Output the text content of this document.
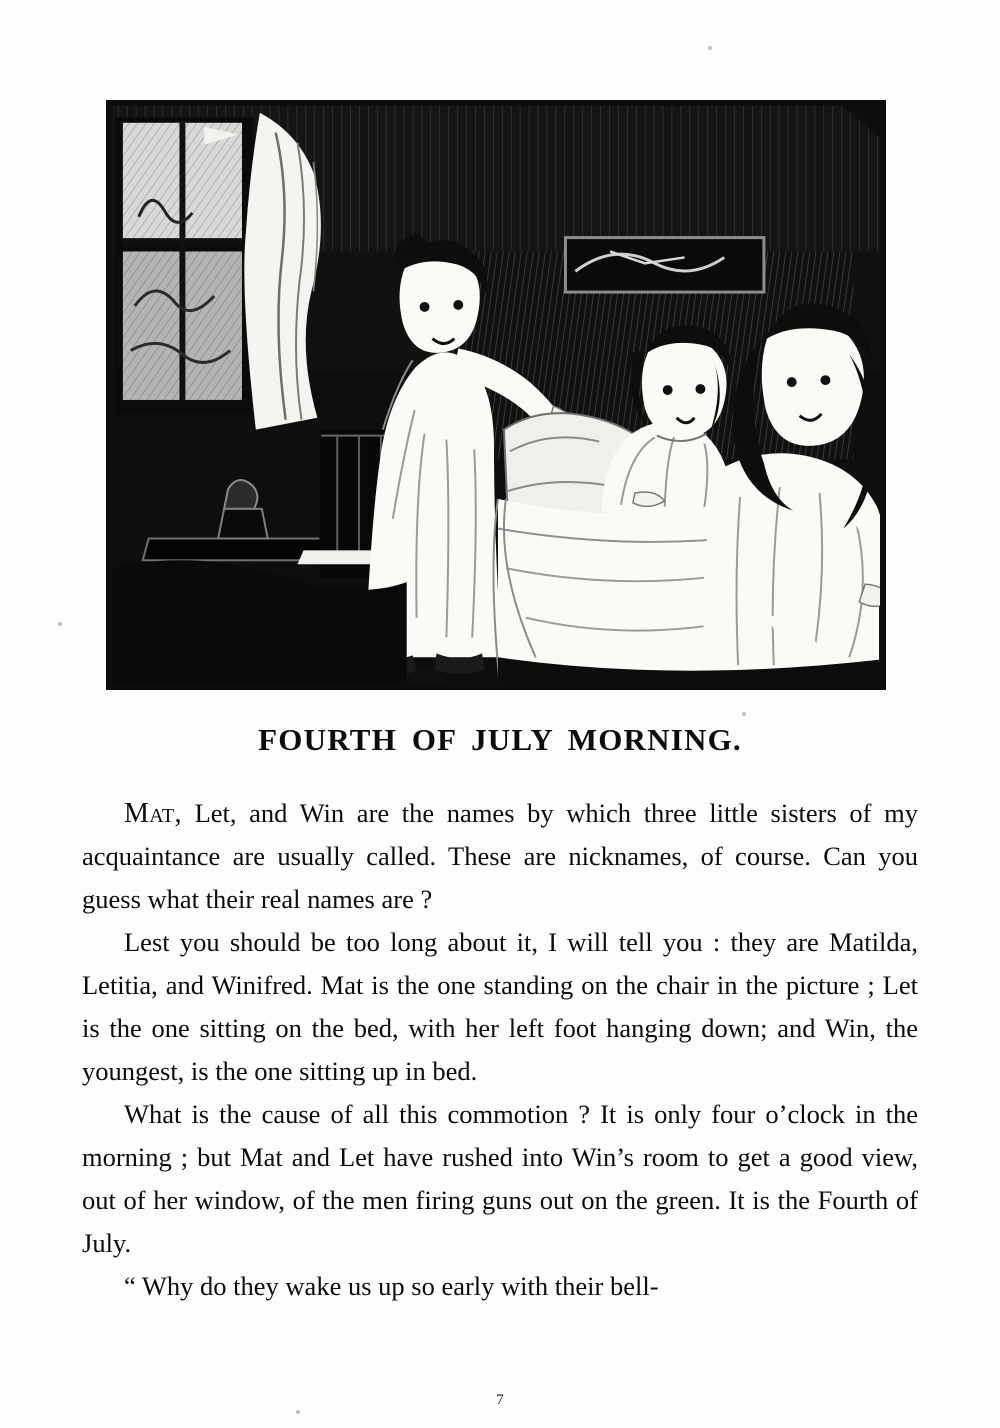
FOURTH OF JULY MORNING.

Mat, Let, and Win are the names by which three little sisters of my acquaintance are usually called. These are nicknames, of course. Can you guess what their real names are ?

Lest you should be too long about it, I will tell you : they are Matilda, Letitia, and Winifred. Mat is the one standing on the chair in the picture ; Let is the one sitting on the bed, with her left foot hanging down; and Win, the youngest, is the one sitting up in bed.

What is the cause of all this commotion ? It is only four o’clock in the morning ; but Mat and Let have rushed into Win’s room to get a good view, out of her window, of the men firing guns out on the green. It is the Fourth of July.

“ Why do they wake us up so early with their bell-

7
